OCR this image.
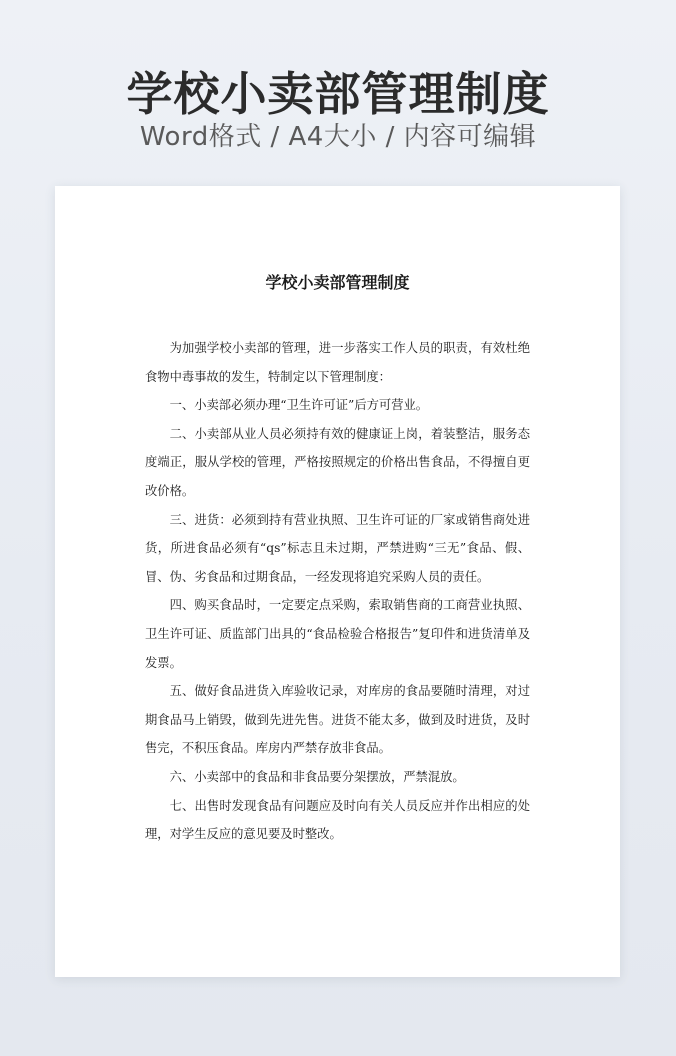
学校小卖部管理制度
Word格式 / A4大小 / 内容可编辑
学校小卖部管理制度

为加强学校小卖部的管理，进一步落实工作人员的职责，有效杜绝食物中毒事故的发生，特制定以下管理制度：

一、小卖部必须办理“卫生许可证”后方可营业。

二、小卖部从业人员必须持有效的健康证上岗，着装整洁，服务态度端正，服从学校的管理，严格按照规定的价格出售食品，不得擅自更改价格。

三、进货：必须到持有营业执照、卫生许可证的厂家或销售商处进货，所进食品必须有“qs”标志且未过期，严禁进购“三无”食品、假、冒、伪、劣食品和过期食品，一经发现将追究采购人员的责任。

四、购买食品时，一定要定点采购，索取销售商的工商营业执照、卫生许可证、质监部门出具的“食品检验合格报告”复印件和进货清单及发票。

五、做好食品进货入库验收记录，对库房的食品要随时清理，对过期食品马上销毁，做到先进先售。进货不能太多，做到及时进货，及时售完，不积压食品。库房内严禁存放非食品。

六、小卖部中的食品和非食品要分架摆放，严禁混放。

七、出售时发现食品有问题应及时向有关人员反应并作出相应的处理，对学生反应的意见要及时整改。
